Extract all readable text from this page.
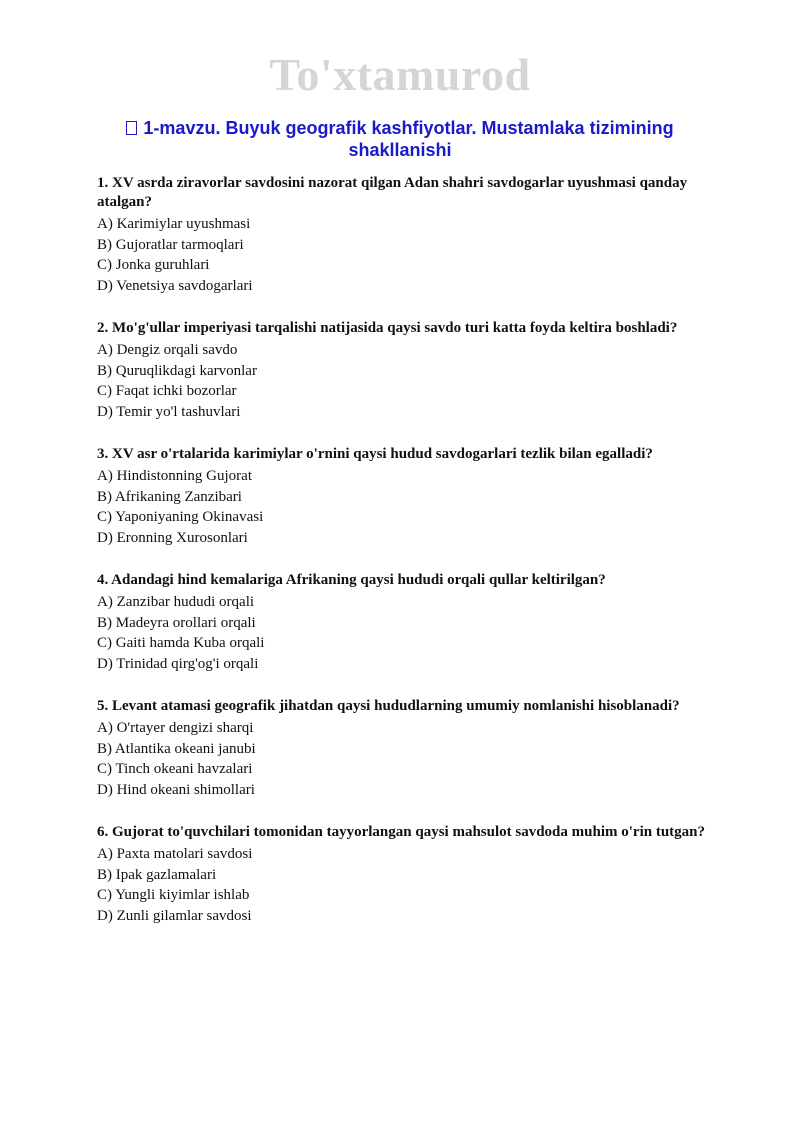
To'xtamurod
1-mavzu. Buyuk geografik kashfiyotlar. Mustamlaka tizimining shakllanishi
1. XV asrda ziravorlar savdosini nazorat qilgan Adan shahri savdogarlar uyushmasi qanday atalgan?
A) Karimiylar uyushmasi
B) Gujoratlar tarmoqlari
C) Jonka guruhlari
D) Venetsiya savdogarlari
2. Mo'g'ullar imperiyasi tarqalishi natijasida qaysi savdo turi katta foyda keltira boshladi?
A) Dengiz orqali savdo
B) Quruqlikdagi karvonlar
C) Faqat ichki bozorlar
D) Temir yo'l tashuvlari
3. XV asr o'rtalarida karimiylar o'rnini qaysi hudud savdogarlari tezlik bilan egalladi?
A) Hindistonning Gujorat
B) Afrikaning Zanzibari
C) Yaponiyaning Okinavasi
D) Eronning Xurosonlari
4. Adandagi hind kemalariga Afrikaning qaysi hududi orqali qullar keltirilgan?
A) Zanzibar hududi orqali
B) Madeyra orollari orqali
C) Gaiti hamda Kuba orqali
D) Trinidad qirg'og'i orqali
5. Levant atamasi geografik jihatdan qaysi hududlarning umumiy nomlanishi hisoblanadi?
A) O'rtayer dengizi sharqi
B) Atlantika okeani janubi
C) Tinch okeani havzalari
D) Hind okeani shimollari
6. Gujorat to'quvchilari tomonidan tayyorlangan qaysi mahsulot savdoda muhim o'rin tutgan?
A) Paxta matolari savdosi
B) Ipak gazlamalari
C) Yungli kiyimlar ishlab
D) Zunli gilamlar savdosi
